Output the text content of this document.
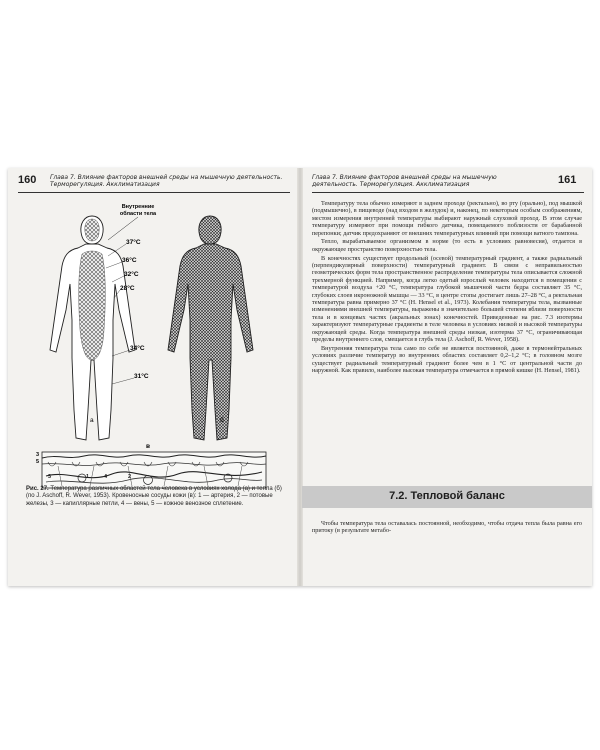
160 Глава 7. Влияние факторов внешней среды на мышечную деятельность. Терморегуляция. Акклиматизация
Внутренние
области тела
37°С
36°С
32°С
28°С
34°С
31°С
а	б
в
3
5
Рис. 27. Температура различных областей тела человека в условиях холода (а) и тепла (б) (по J. Aschoff, R. Wever, 1953). Кровеносные сосуды кожи (в): 1 — артерия, 2 — потовые железы, 3 — капиллярные петли, 4 — вены, 5 — кожное венозное сплетение.
3	1	4	2
Глава 7. Влияние факторов внешней среды на мышечную деятельность. Терморегуляция. Акклиматизация	161

Температуру тела обычно измеряют в заднем проходе (ректально), во рту (орально), под мышкой (подмышечно), в пищеводе (над входом в желудок) и, наконец, по некоторым особым соображениям, местом измерения внутренней температуры выбирают наружный слуховой проход. В этом случае температуру измеряют при помощи гибкого датчика, помещаемого поблизости от барабанной перепонки; датчик предохраняют от внешних температурных влияний при помощи ватного тампона.

Тепло, вырабатываемое организмом в норме (то есть в условиях равновесия), отдается в окружающее пространство поверхностью тела.

В конечностях существует продольный (осевой) температурный градиент, а также радиальный (перпендикулярный поверхности) температурный градиент. В связи с неправильностью геометрических форм тела пространственное распределение температуры тела описывается сложной трехмерной функцией. Например, когда легко одетый взрослый человек находится в помещении с температурой воздуха +20 °С, температура глубокой мышечной части бедра составляет 35 °С, глубоких слоев икроножной мышцы — 33 °С, в центре стопы достигает лишь 27–28 °С, а ректальная температура равна примерно 37 °С (H. Hensel et al., 1973). Колебания температуры тела, вызванные изменениями внешней температуры, выражены в значительно большей степени вблизи поверхности тела и в концевых частях (акральных зонах) конечностей. Приведенные на рис. 7.3 изотермы характеризуют температурные градиенты в теле человека в условиях низкой и высокой температуры окружающей среды. Когда температура внешней среды низкая, изотерма 37 °С, ограничивающая пределы внутреннего слоя, смещается в глубь тела (J. Aschoff, R. Wever, 1958).

Внутренняя температура тела само по себе не является постоянной, даже в термонейтральных условиях различие температур во внутренних областях составляет 0,2–1,2 °С; в головном мозге существует радиальный температурный градиент более чем в 1 °С от центральной части до наружной. Как правило, наиболее высокая температура отмечается в прямой кишке (H. Hensel, 1981).

7.2. Тепловой баланс

Чтобы температура тела оставалась постоянной, необходимо, чтобы отдача тепла была равна его притоку (в результате метабо-
